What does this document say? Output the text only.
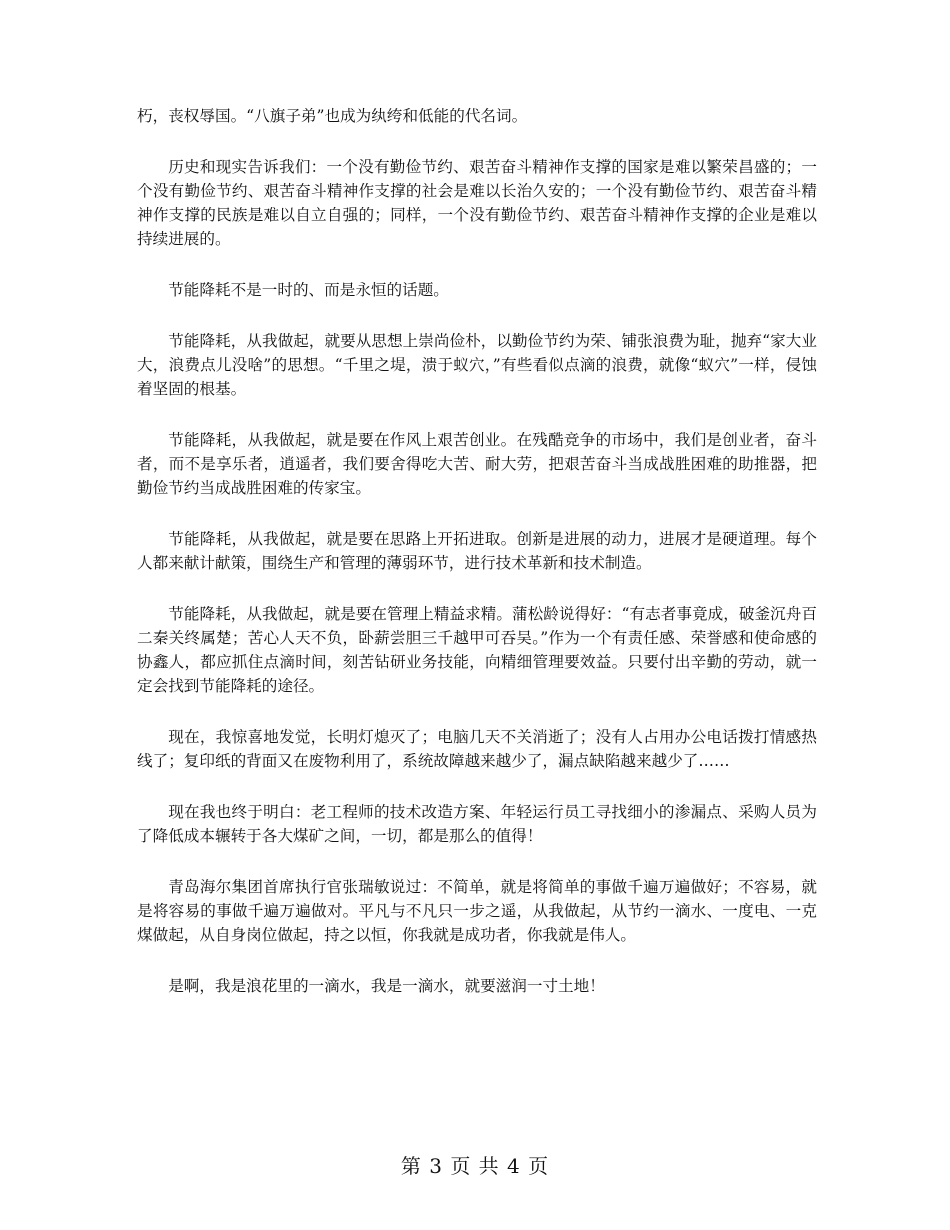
朽，丧权辱国。“八旗子弟”也成为纨绔和低能的代名词。

历史和现实告诉我们：一个没有勤俭节约、艰苦奋斗精神作支撑的国家是难以繁荣昌盛的；一个没有勤俭节约、艰苦奋斗精神作支撑的社会是难以长治久安的；一个没有勤俭节约、艰苦奋斗精神作支撑的民族是难以自立自强的；同样，一个没有勤俭节约、艰苦奋斗精神作支撑的企业是难以持续进展的。

节能降耗不是一时的、而是永恒的话题。

节能降耗，从我做起，就要从思想上崇尚俭朴，以勤俭节约为荣、铺张浪费为耻，抛弃“家大业大，浪费点儿没啥”的思想。“千里之堤，溃于蚁穴，”有些看似点滴的浪费，就像“蚁穴”一样，侵蚀着坚固的根基。

节能降耗，从我做起，就是要在作风上艰苦创业。在残酷竞争的市场中，我们是创业者，奋斗者，而不是享乐者，逍遥者，我们要舍得吃大苦、耐大劳，把艰苦奋斗当成战胜困难的助推器，把勤俭节约当成战胜困难的传家宝。

节能降耗，从我做起，就是要在思路上开拓进取。创新是进展的动力，进展才是硬道理。每个人都来献计献策，围绕生产和管理的薄弱环节，进行技术革新和技术制造。

节能降耗，从我做起，就是要在管理上精益求精。蒲松龄说得好：“有志者事竟成，破釜沉舟百二秦关终属楚；苦心人天不负，卧薪尝胆三千越甲可吞吴。”作为一个有责任感、荣誉感和使命感的协鑫人，都应抓住点滴时间，刻苦钻研业务技能，向精细管理要效益。只要付出辛勤的劳动，就一定会找到节能降耗的途径。

现在，我惊喜地发觉，长明灯熄灭了；电脑几天不关消逝了；没有人占用办公电话拨打情感热线了；复印纸的背面又在废物利用了，系统故障越来越少了，漏点缺陷越来越少了……

现在我也终于明白：老工程师的技术改造方案、年轻运行员工寻找细小的渗漏点、采购人员为了降低成本辗转于各大煤矿之间，一切，都是那么的值得！

青岛海尔集团首席执行官张瑞敏说过：不简单，就是将简单的事做千遍万遍做好；不容易，就是将容易的事做千遍万遍做对。平凡与不凡只一步之遥，从我做起，从节约一滴水、一度电、一克煤做起，从自身岗位做起，持之以恒，你我就是成功者，你我就是伟人。

是啊，我是浪花里的一滴水，我是一滴水，就要滋润一寸土地！

第 3 页 共 4 页
